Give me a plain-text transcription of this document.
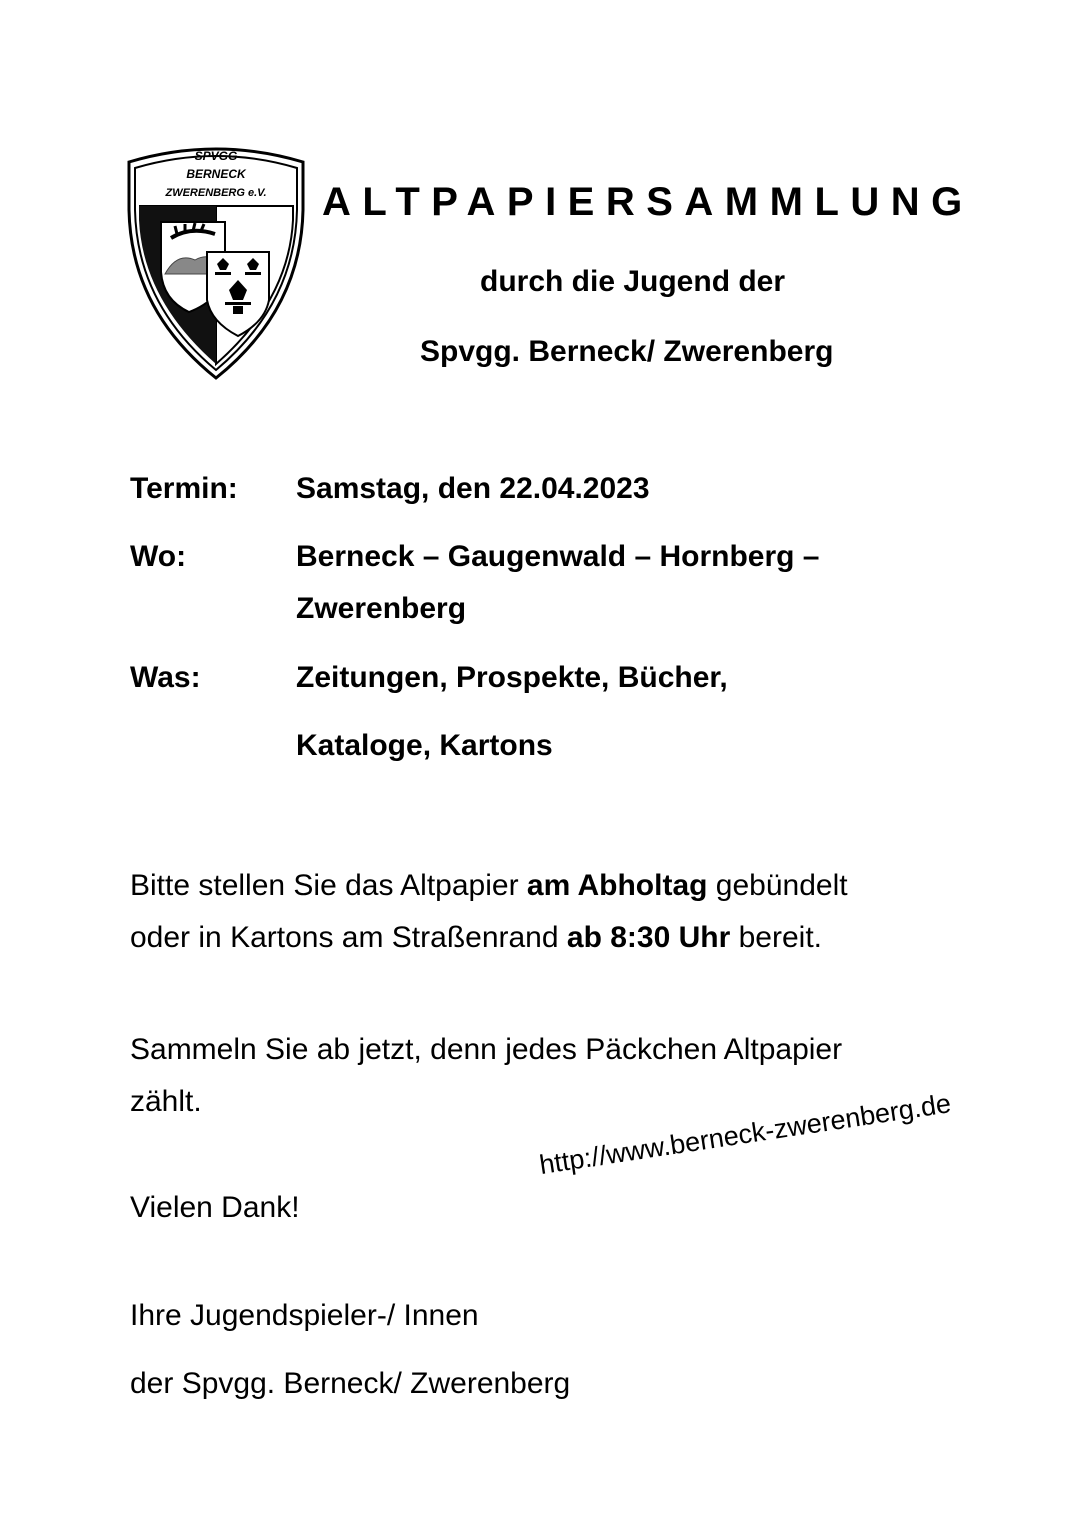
SPVGG
BERNECK
ZWERENBERG e.V. ALTPAPIERSAMMLUNG
durch die Jugend der
Spvgg. Berneck/ Zwerenberg
Termin: Samstag, den 22.04.2023
Wo:	Berneck – Gaugenwald – Hornberg –
Zwerenberg
Was:	Zeitungen, Prospekte, Bücher,
Kataloge, Kartons
Bitte stellen Sie das Altpapier am Abholtag gebündelt
oder in Kartons am Straßenrand ab 8:30 Uhr bereit.
Sammeln Sie ab jetzt, denn jedes Päckchen Altpapier
zählt.
Vielen Dank!
http://www.berneck-zwerenberg.de
Ihre Jugendspieler-/ Innen
der Spvgg. Berneck/ Zwerenberg
